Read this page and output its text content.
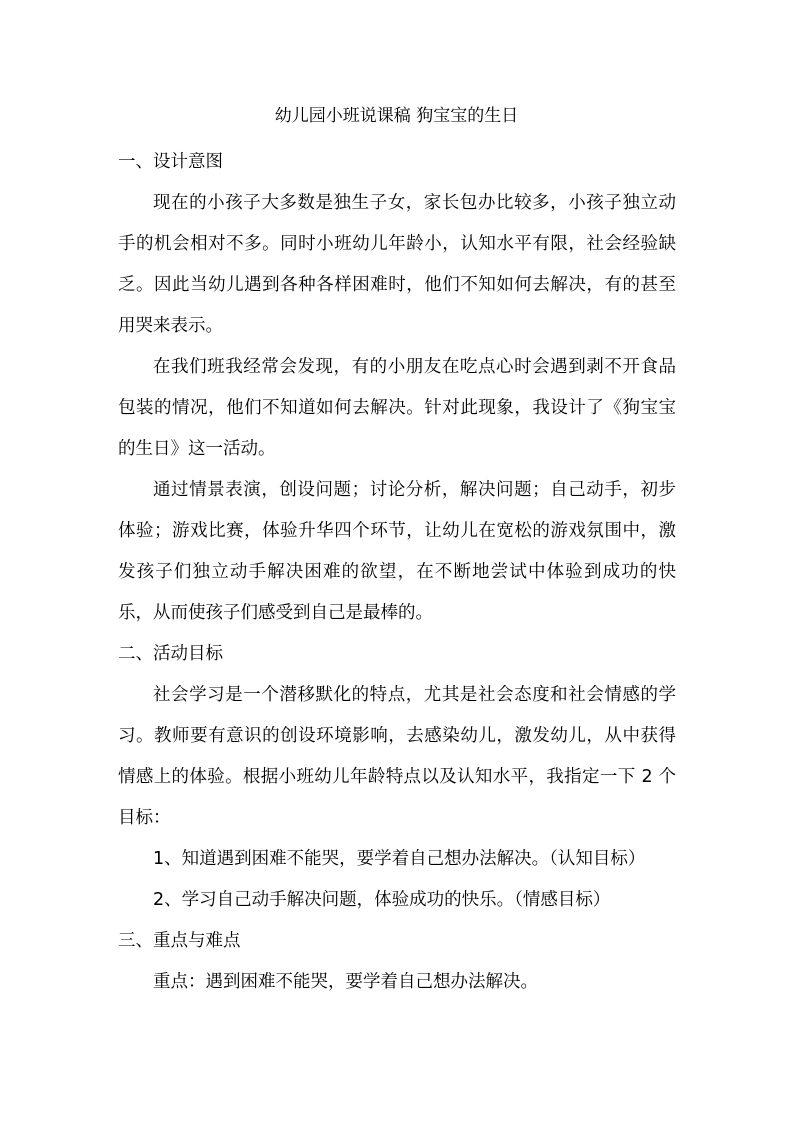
幼儿园小班说课稿 狗宝宝的生日

一、设计意图

现在的小孩子大多数是独生子女，家长包办比较多，小孩子独立动手的机会相对不多。同时小班幼儿年龄小，认知水平有限，社会经验缺乏。因此当幼儿遇到各种各样困难时，他们不知如何去解决，有的甚至用哭来表示。

在我们班我经常会发现，有的小朋友在吃点心时会遇到剥不开食品包装的情况，他们不知道如何去解决。针对此现象，我设计了《狗宝宝的生日》这一活动。

通过情景表演，创设问题；讨论分析，解决问题；自己动手，初步体验；游戏比赛，体验升华四个环节，让幼儿在宽松的游戏氛围中，激发孩子们独立动手解决困难的欲望，在不断地尝试中体验到成功的快乐，从而使孩子们感受到自己是最棒的。

二、活动目标

社会学习是一个潜移默化的特点，尤其是社会态度和社会情感的学习。教师要有意识的创设环境影响，去感染幼儿，激发幼儿，从中获得情感上的体验。根据小班幼儿年龄特点以及认知水平，我指定一下 2 个目标：

1、知道遇到困难不能哭，要学着自己想办法解决。（认知目标）

2、学习自己动手解决问题，体验成功的快乐。（情感目标）

三、重点与难点

重点：遇到困难不能哭，要学着自己想办法解决。
